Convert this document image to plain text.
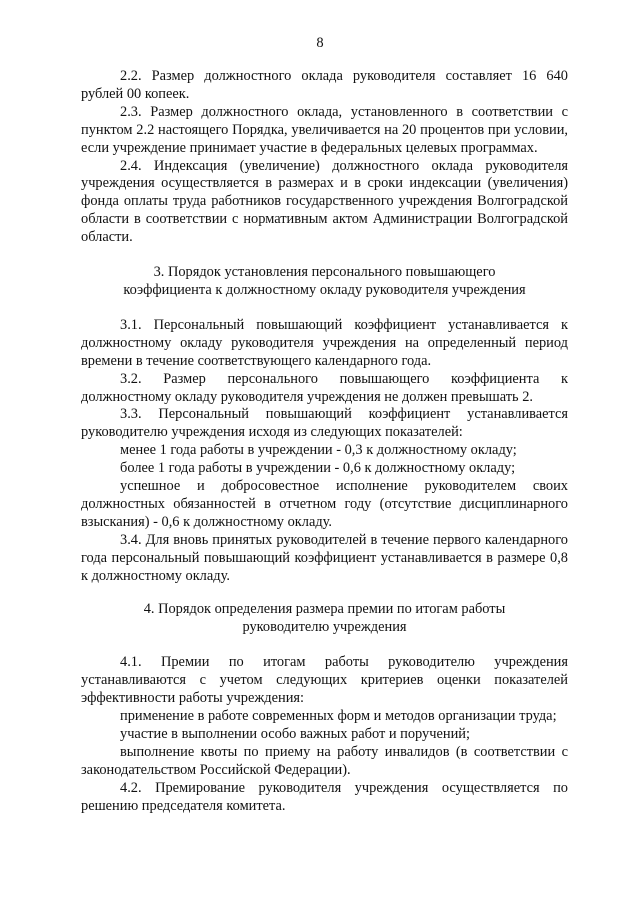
8

2.2. Размер должностного оклада руководителя составляет 16 640 рублей 00 копеек.

2.3. Размер должностного оклада, установленного в соответствии с пунктом 2.2 настоящего Порядка, увеличивается на 20 процентов при условии, если учреждение принимает участие в федеральных целевых программах.

2.4. Индексация (увеличение) должностного оклада руководителя учреждения осуществляется в размерах и в сроки индексации (увеличения) фонда оплаты труда работников государственного учреждения Волгоградской области в соответствии с нормативным актом Администрации Волгоградской области.

3. Порядок установления персонального повышающего
коэффициента к должностному окладу руководителя учреждения

3.1. Персональный повышающий коэффициент устанавливается к должностному окладу руководителя учреждения на определенный период времени в течение соответствующего календарного года.

3.2. Размер персонального повышающего коэффициента к должностному окладу руководителя учреждения не должен превышать 2.

3.3. Персональный повышающий коэффициент устанавливается руководителю учреждения исходя из следующих показателей:

менее 1 года работы в учреждении - 0,3 к должностному окладу;

более 1 года работы в учреждении - 0,6 к должностному окладу;

успешное и добросовестное исполнение руководителем своих должностных обязанностей в отчетном году (отсутствие дисциплинарного взыскания) - 0,6 к должностному окладу.

3.4. Для вновь принятых руководителей в течение первого календарного года персональный повышающий коэффициент устанавливается в размере 0,8 к должностному окладу.

4. Порядок определения размера премии по итогам работы
руководителю учреждения

4.1. Премии по итогам работы руководителю учреждения устанавливаются с учетом следующих критериев оценки показателей эффективности работы учреждения:

применение в работе современных форм и методов организации труда;

участие в выполнении особо важных работ и поручений;

выполнение квоты по приему на работу инвалидов (в соответствии с законодательством Российской Федерации).

4.2. Премирование руководителя учреждения осуществляется по решению председателя комитета.
